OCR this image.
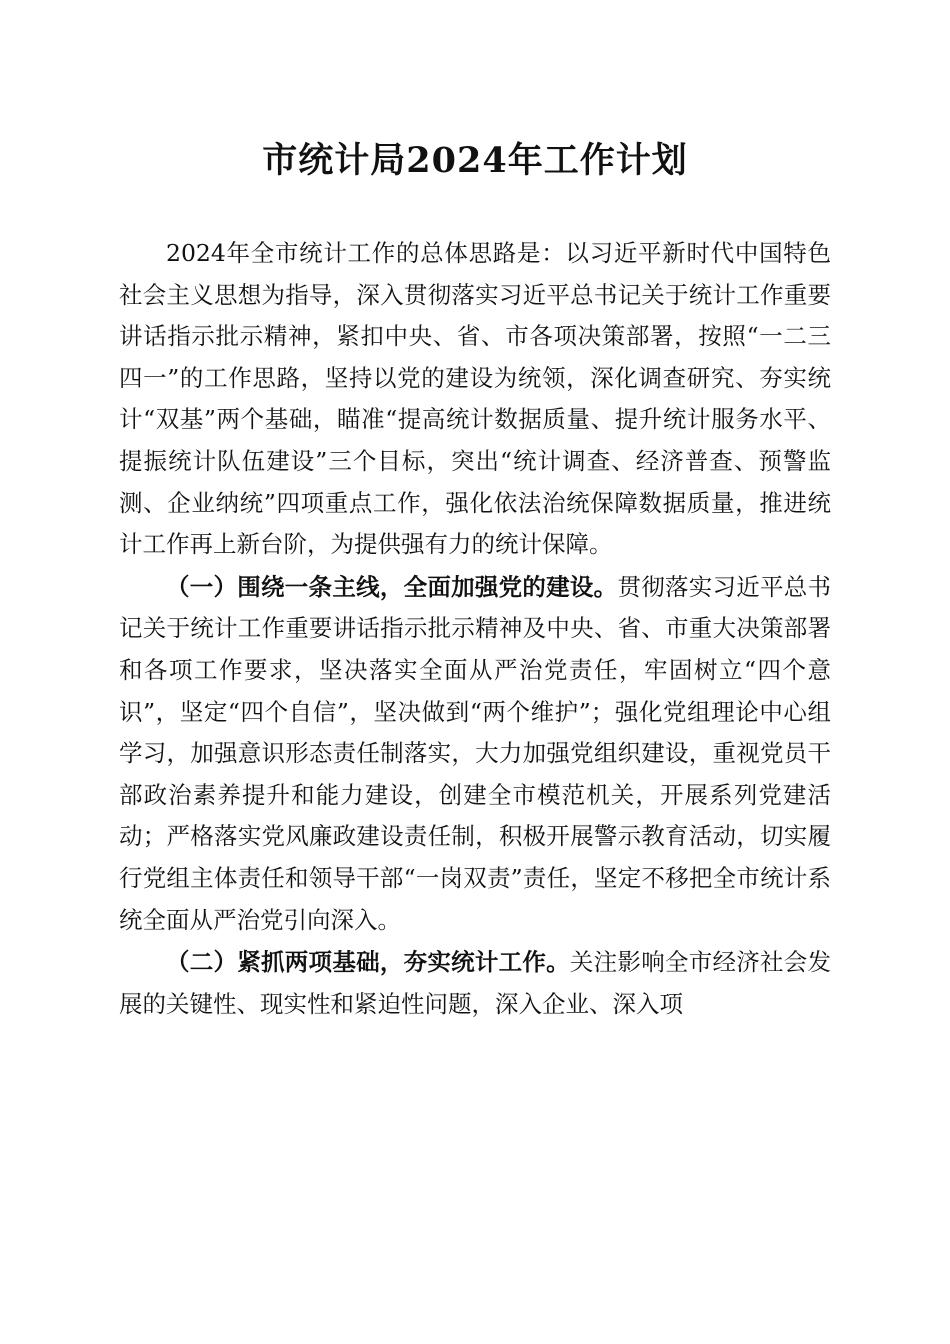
市统计局2024年工作计划

2024年全市统计工作的总体思路是：以习近平新时代中国特色社会主义思想为指导，深入贯彻落实习近平总书记关于统计工作重要讲话指示批示精神，紧扣中央、省、市各项决策部署，按照“一二三四一”的工作思路，坚持以党的建设为统领，深化调查研究、夯实统计“双基”两个基础，瞄准“提高统计数据质量、提升统计服务水平、提振统计队伍建设”三个目标，突出“统计调查、经济普查、预警监测、企业纳统”四项重点工作，强化依法治统保障数据质量，推进统计工作再上新台阶，为提供强有力的统计保障。

（一）围绕一条主线，全面加强党的建设。贯彻落实习近平总书记关于统计工作重要讲话指示批示精神及中央、省、市重大决策部署和各项工作要求，坚决落实全面从严治党责任，牢固树立“四个意识”，坚定“四个自信”，坚决做到“两个维护”；强化党组理论中心组学习，加强意识形态责任制落实，大力加强党组织建设，重视党员干部政治素养提升和能力建设，创建全市模范机关，开展系列党建活动；严格落实党风廉政建设责任制，积极开展警示教育活动，切实履行党组主体责任和领导干部“一岗双责”责任，坚定不移把全市统计系统全面从严治党引向深入。

（二）紧抓两项基础，夯实统计工作。关注影响全市经济社会发展的关键性、现实性和紧迫性问题，深入企业、深入项
